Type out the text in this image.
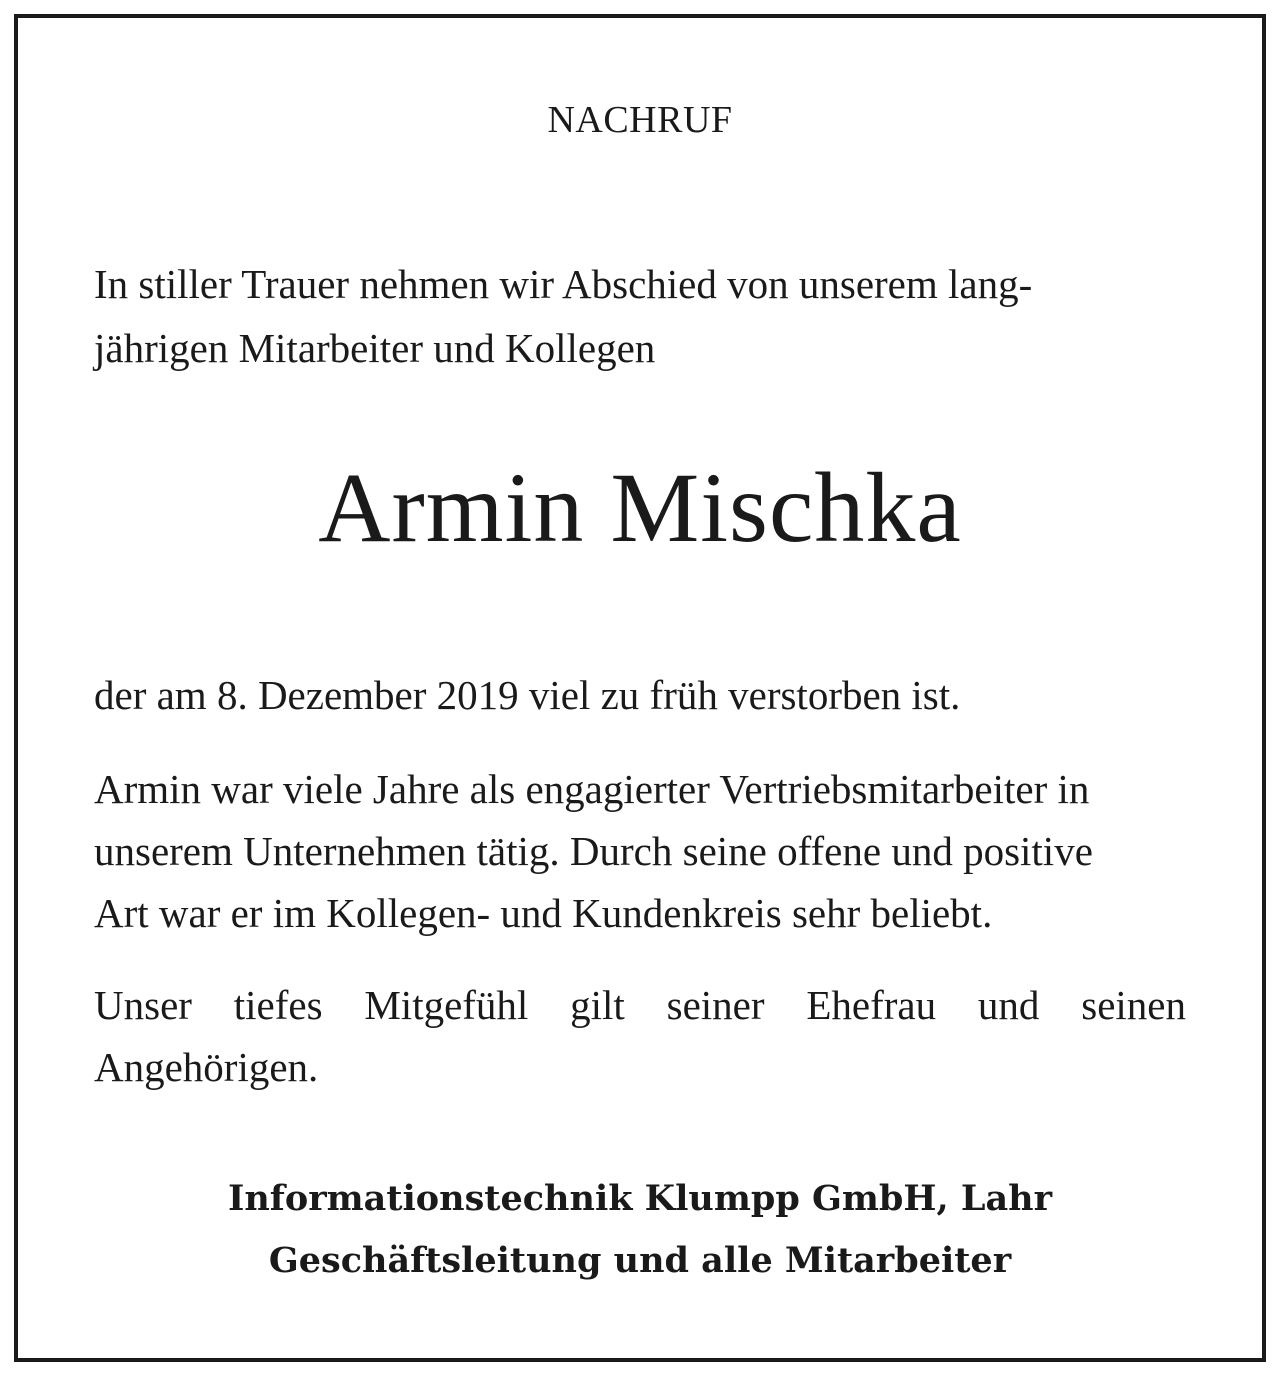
NACHRUF
In stiller Trauer nehmen wir Abschied von unserem lang-
jährigen Mitarbeiter und Kollegen
Armin Mischka
der am 8. Dezember 2019 viel zu früh verstorben ist.
Armin war viele Jahre als engagierter Vertriebsmitarbeiter in
unserem Unternehmen tätig. Durch seine offene und positive
Art war er im Kollegen- und Kundenkreis sehr beliebt.
Unser tiefes Mitgefühl gilt seiner Ehefrau und seinen
Angehörigen.
Informationstechnik Klumpp GmbH, Lahr
Geschäftsleitung und alle Mitarbeiter
